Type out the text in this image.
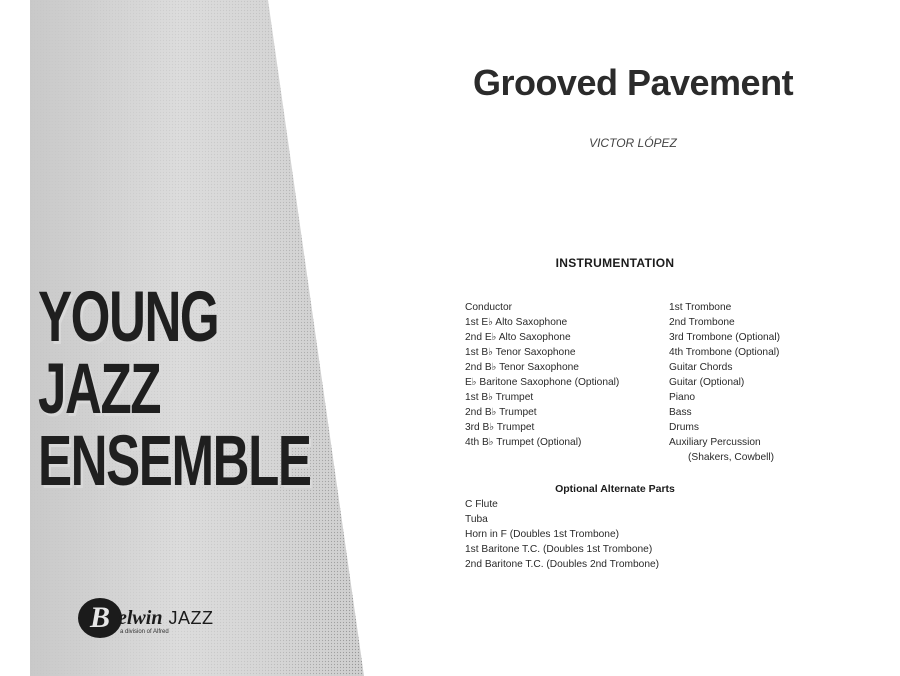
YOUNG
JAZZ
ENSEMBLE
B elwin JAZZ
a division of Alfred
Grooved Pavement
VICTOR LÓPEZ
INSTRUMENTATION
Conductor
1st E♭ Alto Saxophone
2nd E♭ Alto Saxophone
1st B♭ Tenor Saxophone
2nd B♭ Tenor Saxophone
E♭ Baritone Saxophone (Optional)
1st B♭ Trumpet
2nd B♭ Trumpet
3rd B♭ Trumpet
4th B♭ Trumpet (Optional)
1st Trombone
2nd Trombone
3rd Trombone (Optional)
4th Trombone (Optional)
Guitar Chords
Guitar (Optional)
Piano
Bass
Drums
Auxiliary Percussion
(Shakers, Cowbell)
Optional Alternate Parts
C Flute
Tuba
Horn in F (Doubles 1st Trombone)
1st Baritone T.C. (Doubles 1st Trombone)
2nd Baritone T.C. (Doubles 2nd Trombone)
